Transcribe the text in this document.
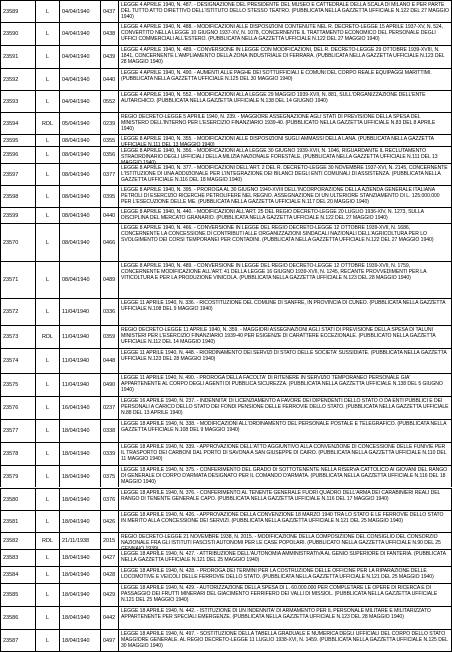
23589	L	04/04/1940	0437
LEGGE 4 APRILE 1940, N. 487. - DESIGNAZIONE DEL PRESIDENTE DEL MUSEO E CATTEDRALE DELLA SCALA DI MILANO E PER PARTE DEL TUTTO ATTO DIRETTIVO DELL'ISTITUTO DELLO STESSO TEATRO. (PUBBLICATA NELLA GAZZETTA UFFICIALE N.122 DEL 27 MAGGIO 1940)
23590	L	04/04/1940	0438
LEGGE 4 APRILE 1940, N. 488. - MODIFICAZIONI ALLE DISPOSIZIONI CONTENUTE NEL R. DECRETO-LEGGE 15 APRILE 1937-XV, N. 524, CONVERTITO NELLA LEGGE 10 GIUGNO 1937-XV, N. 1078, CONCERNENTE IL TRATTAMENTO ECONOMICO DEL PERSONALE DEGLI UFFICI COMMERCIALI ALL'ESTERO. (PUBBLICATA NELLA GAZZETTA UFFICIALE N.122 DEL 27 MAGGIO 1940)
23591	L	04/04/1940	0439
LEGGE 4 APRILE 1940, N. 489. - CONVERSIONE IN LEGGE CON MODIFICAZIONI, DEL R. DECRETO-LEGGE 29 OTTOBRE 1939-XVIII, N. 1841, CONCERNENTE L'AMPLIAMENTO DELLA ZONA INDUSTRIALE DI FERRARA. (PUBBLICATA NELLA GAZZETTA UFFICIALE N.123 DEL 28 MAGGIO 1940)
23592	L	04/04/1940	0440
LEGGE 4 APRILE 1940, N. 490. - AUMENTI ALLE PAGHE DEI SOTTUFFICIALI E COMUNI DEL CORPO REALE EQUIPAGGI MARITTIMI. (PUBBLICATA NELLA GAZZETTA UFFICIALE N.125 DEL 30 MAGGIO 1940)
23593	L	04/04/1940	0552
LEGGE 4 APRILE 1940, N. 552. - MODIFICAZIONI ALLA LEGGE 29 MAGGIO 1939-XVII, N. 881, SULL'ORGANIZZAZIONE DELL'ENTE AUTARCHICO. (PUBBLICATA NELLA GAZZETTA UFFICIALE N.138 DEL 14 GIUGNO 1940)
23594	RDL	05/04/1940	0239
REGIO DECRETO-LEGGE 5 APRILE 1940, N. 239. - MAGGIORE ASSEGNAZIONE AGLI STATI DI PREVISIONE DELLA SPESA DEL MINISTERO DELL'INTERNO PER L'ESERCIZIO FINANZIARIO 1939-40. (PUBBLICATO NELLA GAZZETTA UFFICIALE N.83 DEL 8 APRILE 1940)
23595	L	08/04/1940	0355	LEGGE 8 APRILE 1940, N. 355. - MODIFICAZIONI ALLE DISPOSIZIONI SUGLI AMMASSI DELLA LANA. (PUBBLICATA NELLA GAZZETTA UFFICIALE N.111 DEL 13 MAGGIO 1940)
23596	L	08/04/1940	0356
LEGGE 8 APRILE 1940, N. 356. - MODIFICAZIONI ALLA LEGGE 30 GIUGNO 1939-XVII, N. 1046, RIGUARDANTE IL RECLUTAMENTO STRAORDINARIO DEGLI UFFICIALI DELLA MILIZIA NAZIONALE FORESTALE. (PUBBLICATA NELLA GAZZETTA UFFICIALE N.111 DEL 13 MAGGIO 1940)
23597	L	08/04/1940	0377
LEGGE 8 APRILE 1940, N. 377. - MODIFICAZIONI DELL'ART. 2 DEL R. DECRETO-LEGGE 30 NOVEMBRE 1937-XVI, N. 2145, CONCERNENTE L'ISTITUZIONE DI UNA ADDIZIONALE PER L'INTEGRAZIONE DEI BILANCI DEGLI ENTI COMUNALI DI ASSISTENZA. (PUBBLICATA NELLA GAZZETTA UFFICIALE N.116 DEL 18 MAGGIO 1940)
23598	L	08/04/1940	0395
LEGGE 8 APRILE 1940, N. 395. - PROROGA AL 30 GIUGNO 1940-XVIII DELL'INCORPORAZIONE DELLA AZIENDA GENERALE ITALIANA PETROLI DI ESERCIZIO RICERCHE PETROLIFERE NEL REGNO. ASSEGNAZIONE DI UN ULTERIORE STANZIAMENTO DI L. 125.000.000 PER L'ESECUZIONE DELLE ME. (PUBBLICATA NELLA GAZZETTA UFFICIALE N.117 DEL 20 MAGGIO 1940)
23599	L	08/04/1940	0440
LEGGE 8 APRILE 1940, N. 440. - MODIFICAZIONI ALL'ART. 25 DEL REGIO DECRETO-LEGGE 20 LUGLIO 1936-XIV, N. 1273, SULLA DISCIPLINA DEL MERCATO GRANARIO. (PUBBLICATA NELLA GAZZETTA UFFICIALE N.122 DEL 27 MAGGIO 1940)
23570	L	08/04/1940	0466
LEGGE 8 APRILE 1940, N. 466. - CONVERSIONE IN LEGGE DEL REGIO DECRETO-LEGGE 12 OTTOBRE 1939-XVII, N. 1686, CONCERNENTE LA CONCESSIONE DI CONTRIBUTI ALLE ORGANIZZAZIONI SINDACALI NAZIONALI DELL'AGRICOLTURA PER LO SVOLGIMENTO DEI CORSI TEMPORANEI PER CONTADINI. (PUBBLICATA NELLA GAZZETTA UFFICIALE N.122 DEL 27 MAGGIO 1940)
23571	L	08/04/1940	0489
LEGGE 8 APRILE 1940, N. 489. - CONVERSIONE IN LEGGE DEL REGIO DECRETO-LEGGE 12 OTTOBRE 1939-XVII, N. 1759, CONCERNENTE MODIFICAZIONE ALL'ART. 41 DELLA LEGGE 16 GIUGNO 1939-XVII, N. 1245, RECANTE PROVVEDIMENTI PER LA VITICOLTURA E PER LA PRODUZIONE VINICOLA. (PUBBLICATA NELLA GAZZETTA UFFICIALE N.123 DEL 28 MAGGIO 1940)
23572	L	11/04/1940	0336
LEGGE 11 APRILE 1940, N. 336. - RICOSTITUZIONE DEL COMUNE DI SANFRE, IN PROVINCIA DI CUNEO. (PUBBLICATA NELLA GAZZETTA UFFICIALE N.108 DEL 9 MAGGIO 1940)
23573	RDL	11/04/1940	0359
REGIO DECRETO-LEGGE 11 APRILE 1940, N. 359. - MAGGIORI ASSEGNAZIONI AGLI STATI DI PREVISIONE DELLA SPESA DI TALUNI MINISTERI PER L'ESERCIZIO FINANZIARIO 1939-40 PER ESIGENZE DI CARATTERE ECCEZIONALE. (PUBBLICATO NELLA GAZZETTA UFFICIALE N.112 DEL 14 MAGGIO 1940)
23574	L	11/04/1940	0448
LEGGE 11 APRILE 1940, N. 448. - RIORDINAMENTO DEI SERVIZI DI STATO DELLE SOCIETA' SUSSIDIATE. (PUBBLICATA NELLA GAZZETTA UFFICIALE N.123 DEL 28 MAGGIO 1940)
23575	L	11/04/1940	0490
LEGGE 11 APRILE 1940, N. 490. - PROROGA DELLA FACOLTA' DI RITENERE IN SERVIZIO TEMPORANEO PERSONALE GIA' APPARTENENTE AL CORPO DEGLI AGENTI DI PUBBLICA SICUREZZA. (PUBBLICATA NELLA GAZZETTA UFFICIALE N.138 DEL 5 GIUGNO 1940)
23576	L	16/04/1940	0237
LEGGE 16 APRILE 1940, N. 237. - INDENNITA' DI LICENZIAMENTO A FAVORE DEI DIPENDENTI DELLO STATO O DA ENTI PUBBLICI E DEI PERSONALI A CARICO DELLO STATO DEI FONDI PENSIONE DELLE FERROVIE DELLO STATO. (PUBBLICATA NELLA GAZZETTA UFFICIALE N.88 DEL 13 APRILE 1940)
23577	L	18/04/1940	0338
LEGGE 18 APRILE 1940, N. 338. - MODIFICAZIONI ALL'ORDINAMENTO DEL PERSONALE POSTALE E TELEGRAFICO. (PUBBLICATA NELLA GAZZETTA UFFICIALE N.108 DEL 9 MAGGIO 1940)
23578	L	18/04/1940	0339
LEGGE 18 APRILE 1940, N. 339. - APPROVAZIONE DELL'ATTO AGGIUNTIVO ALLA CONVENZIONE DI CONCESSIONE DELLE FUNIVIE PER IL TRASPORTO DEI CARBONI DAL PORTO DI SAVONA A SAN GIUSEPPE DI CAIRO. (PUBBLICATA NELLA GAZZETTA UFFICIALE N.110 DEL 11 MAGGIO 1940)
23579	L	18/04/1940	0375
LEGGE 18 APRILE 1940, N. 375. - CONFERIMENTO DEL GRADO DI SOTTOTENENTE NELLA RISERVA CATTOLICO AI GIOVANI DEL RANGO DI GENERALE DI CORPO D'ARMATA DESIGNATO PER IL COMANDO D'ARMATA. (PUBBLICATA NELLA GAZZETTA UFFICIALE N.116 DEL 18 MAGGIO 1940)
23580	L	18/04/1940	0376
LEGGE 18 APRILE 1940, N. 376. - CONFERIMENTO AL TENENTE GENERALE FUORI QUADRO DELL'ARMA DEI CARABINIERI REALI DEL RANGO DI TENENTE GENERALE CAPO. (PUBBLICATA NELLA GAZZETTA UFFICIALE N.116 DEL 17 MAGGIO 1940)
23581	L	18/04/1940	0426
LEGGE 18 APRILE 1940, N. 426. - APPROVAZIONE DELLA CONVENZIONE 18 MARZO 1940 TRA LO STATO E LE FERROVIE DELLO STATO IN MERITO ALLA CONCESSIONE DEI SERVIZI. (PUBBLICATA NELLA GAZZETTA UFFICIALE N.121 DEL 25 MAGGIO 1940)
23582	RDL	21/11/1938	2015
REGIO DECRETO-LEGGE 21 NOVEMBRE 1938, N. 2015. - MODIFICAZIONE DELLA COMPOSIZIONE DEL CONSIGLIO DEL CONSORZIO NAZIONALE FRA GLI ISTITUTI FASCISTI AUTONOMI PER LE CASE POPOLARI. (PUBBLICATO NELLA GAZZETTA UFFICIALE N.90 DEL 25 GENNAIO 1939)
23583	L	18/04/1940	0427
LEGGE 18 APRILE 1940, N. 427. - ATTRIBUZIONE DELL'AUTONOMIA AMMINISTRATIVA AL GENIO SUPERIORE DI FANTERIA. (PUBBLICATA NELLA GAZZETTA UFFICIALE N.121 DEL 25 MAGGIO 1940)
23584	L	18/04/1940	0428
LEGGE 18 APRILE 1940, N. 428. - PROROGA DEI TERMINI PER LA COSTRUZIONE DELLE OFFICINE PER LA RIPARAZIONE DELLE LOCOMOTIVE E VEICOLI DELLE FERROVIE DELLO STATO. (PUBBLICATA NELLA GAZZETTA UFFICIALE N.121 DEL 25 MAGGIO 1940)
23585	L	18/04/1940	0429
LEGGE 18 APRILE 1940, N. 429. - AUTORIZZAZIONE DELLA SPESA DI L. 60.000.000 PER COMPLETARE LE OPERE DI RICERCA E DI PASSAGGIO DEI FRUTTI MINERARI DEL GIACIMENTO FERRIFERO DEI VALLI DI MISSIOL. (PUBBLICATA NELLA GAZZETTA UFFICIALE N.121 DEL 25 MAGGIO 1940)
23586	L	18/04/1940	0442
LEGGE 18 APRILE 1940, N. 442. - ISTITUZIONE DI UN INDENNITA' DI ARMAMENTO PER IL PERSONALE MILITARE E MILITARIZZATO APPARTENENTE PER SPECIALI EMERGENZE. (PUBBLICATA NELLA GAZZETTA UFFICIALE N.123 DEL 28 MAGGIO 1940)
23587	L	18/04/1940	0497
LEGGE 18 APRILE 1940, N. 497. - SOSTITUZIONE DELLA TABELLA GRADUALE E NUMERICA DEGLI UFFICIALI DEL CORPO DELLO STATO MAGGIORE GENERALE. AL REGIO DECRETO-LEGGE 11 LUGLIO 1938-XVI, N. 1459. (PUBBLICATA NELLA GAZZETTA UFFICIALE N.125 DEL 30 MAGGIO 1940)
